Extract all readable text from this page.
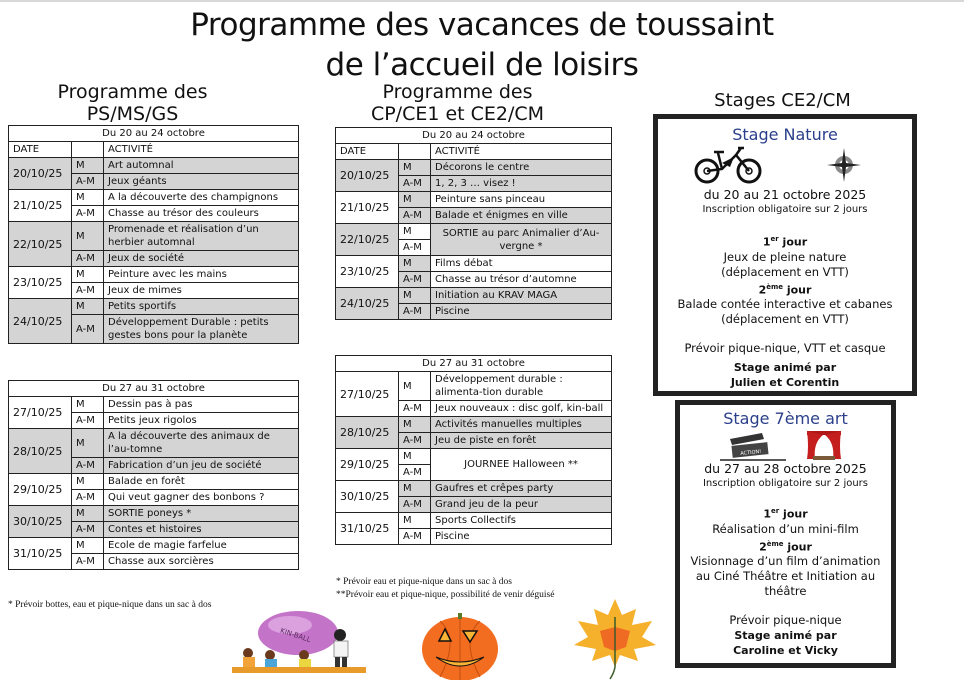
Programme des vacances de toussaint
de l’accueil de loisirs
Programme des
PS/MS/GS
Du 20 au 24 octobre		
DATE		ACTIVITÉ
20/10/25	M	Art automnal
	A-M	Jeux géants
21/10/25	M	A la découverte des champignons
	A-M	Chasse au trésor des couleurs
22/10/25	M	Promenade et réalisation d’un herbier automnal
	A-M	Jeux de société
23/10/25	M	Peinture avec les mains
	A-M	Jeux de mimes
24/10/25	M	Petits sportifs
	A-M	Développement Durable : petits gestes bons pour la planète
Du 27 au 31 octobre		
27/10/25	M	Dessin pas à pas
	A-M	Petits jeux rigolos
28/10/25	M	A la découverte des animaux de l’au-tomne
	A-M	Fabrication d’un jeu de société
29/10/25	M	Balade en forêt
	A-M	Qui veut gagner des bonbons ?
30/10/25	M	SORTIE poneys *
	A-M	Contes et histoires
31/10/25	M	Ecole de magie farfelue
	A-M	Chasse aux sorcières
* Prévoir bottes, eau et pique-nique dans un sac à dos
Programme des
CP/CE1 et CE2/CM
Du 20 au 24 octobre		
DATE		ACTIVITÉ
20/10/25	M	Décorons le centre
	A-M	1, 2, 3 … visez !
21/10/25	M	Peinture sans pinceau
	A-M	Balade et énigmes en ville
22/10/25	M	SORTIE au parc Animalier d’Au-vergne *
	A-M	
23/10/25	M	Films débat
	A-M	Chasse au trésor d’automne
24/10/25	M	Initiation au KRAV MAGA
	A-M	Piscine
Du 27 au 31 octobre		
27/10/25	M	Développement durable : alimenta-tion durable
	A-M	Jeux nouveaux : disc golf, kin-ball
28/10/25	M	Activités manuelles multiples
	A-M	Jeu de piste en forêt
29/10/25	M	JOURNEE Halloween **
	A-M	
30/10/25	M	Gaufres et crêpes party
	A-M	Grand jeu de la peur
31/10/25	M	Sports Collectifs
	A-M	Piscine
* Prévoir eau et pique-nique dans un sac à dos
**Prévoir eau et pique-nique, possibilité de venir déguisé
Stages CE2/CM
Stage Nature

du 20 au 21 octobre 2025

Inscription obligatoire sur 2 jours

1er jour

Jeux de pleine nature

(déplacement en VTT)

2ème jour

Balade contée interactive et cabanes

(déplacement en VTT)

Prévoir pique-nique, VTT et casque

Stage animé par

Julien et Corentin

Stage 7ème art
ACTION!

du 27 au 28 octobre 2025

Inscription obligatoire sur 2 jours

1er jour

Réalisation d’un mini-film

2ème jour

Visionnage d’un film d’animation

au Ciné Théâtre et Initiation au

théâtre

Prévoir pique-nique

Stage animé par

Caroline et Vicky

KIN-BALL
